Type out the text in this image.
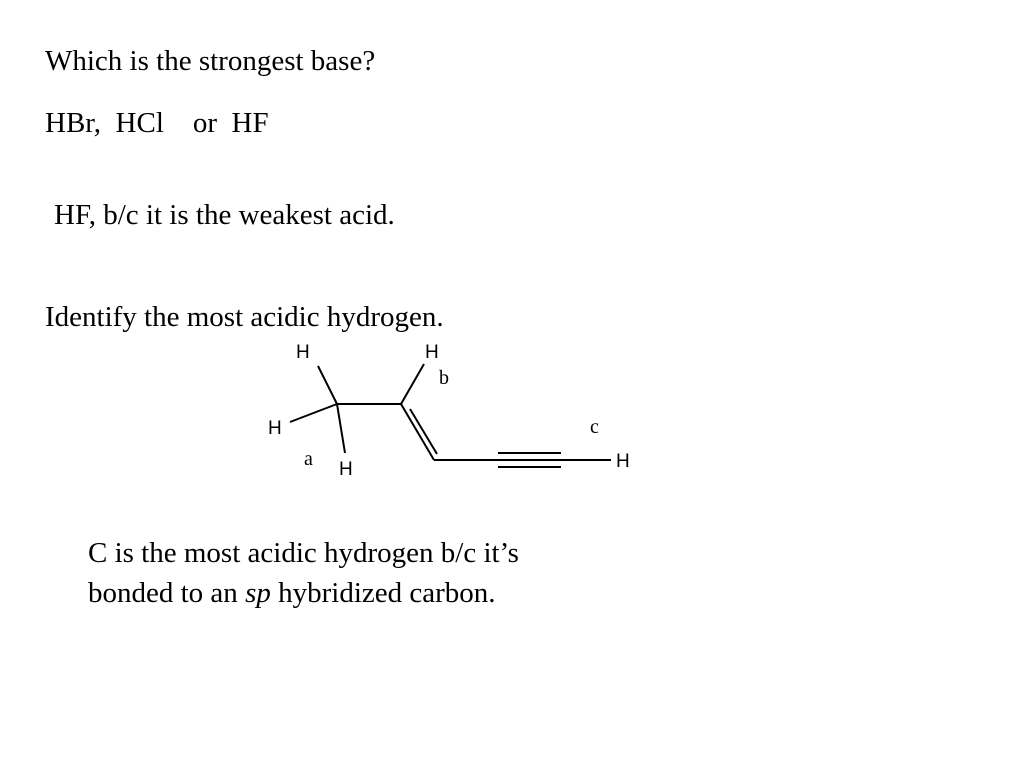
Which is the strongest base?

HBr,  HCl    or  HF

HF, b/c it is the weakest acid.

Identify the most acidic hydrogen.

H
H
H
H
H
a
b
c

C is the most acidic hydrogen b/c it’s
bonded to an sp hybridized carbon.
